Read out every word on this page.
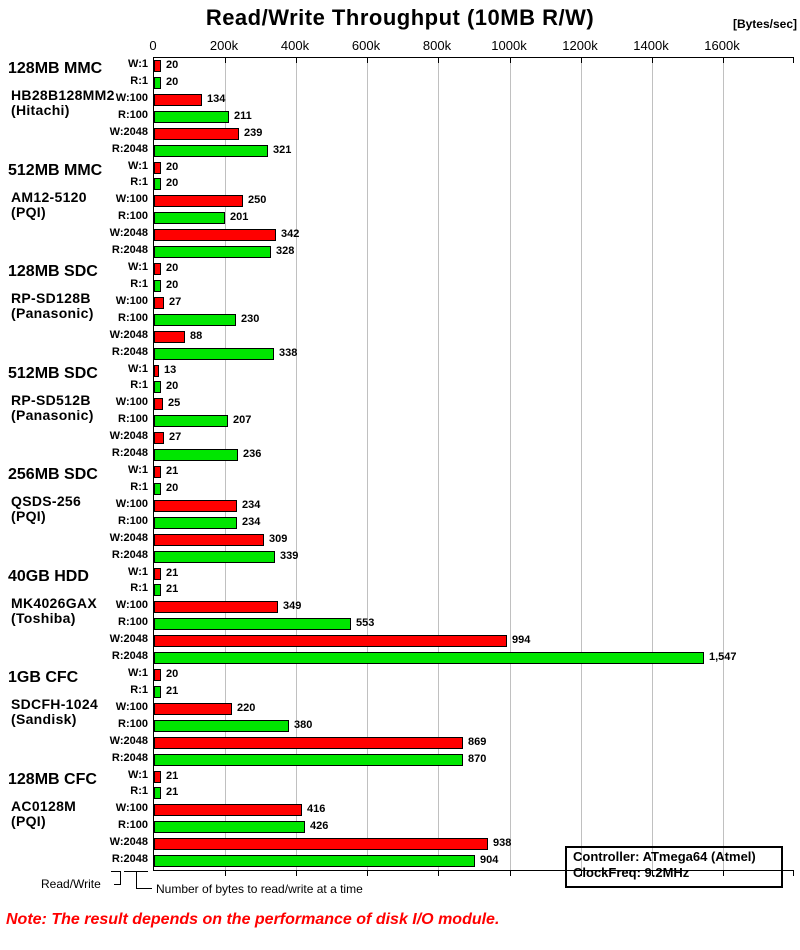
Read/Write Throughput (10MB R/W)	[Bytes/sec]
20
20
134
211
239
321
20
20
250
201
342
328
20
20
27
230
88
338
13
20
25
207
27
236
21
20
234
234
309
339
21
21
349
553
994
1,547
20
21
220
380
869
870
21
21
416
426
938
904
Read/Write	Number of bytes to read/write at a time
Controller: ATmega64 (Atmel)
ClockFreq: 9.2MHz
Note: The result depends on the performance of disk I/O module.
0	200k	400k	600k	800k	1000k	1200k	1400k	1600k
128MB MMC
HB28B128MM2
(Hitachi)
W:1
R:1
W:100
R:100
W:2048
R:2048
512MB MMC
AM12-5120
(PQI)
W:1
R:1
W:100
R:100
W:2048
R:2048
128MB SDC
RP-SD128B
(Panasonic)
W:1
R:1
W:100
R:100
W:2048
R:2048
512MB SDC
RP-SD512B
(Panasonic)
W:1
R:1
W:100
R:100
W:2048
R:2048
256MB SDC
QSDS-256
(PQI)
W:1
R:1
W:100
R:100
W:2048
R:2048
40GB HDD
MK4026GAX
(Toshiba)
W:1
R:1
W:100
R:100
W:2048
R:2048
1GB CFC
SDCFH-1024
(Sandisk)
W:1
R:1
W:100
R:100
W:2048
R:2048
128MB CFC
AC0128M
(PQI)
W:1
R:1
W:100
R:100
W:2048
R:2048
